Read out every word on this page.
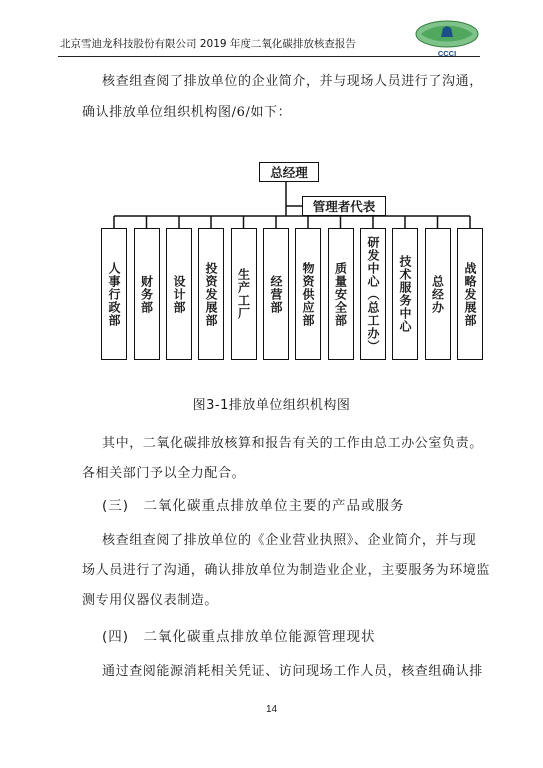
北京雪迪龙科技股份有限公司 2019 年度二氧化碳排放核查报告
CCCI
核查组查阅了排放单位的企业简介，并与现场人员进行了沟通，
确认排放单位组织机构图/6/如下：
总经理
管理者代表
人事行政部	财务部	设计部	投资发展部	生产工厂	经营部	物资供应部	质量安全部	研发中心（总工办）	技术服务中心	总经办	战略发展部
图3-1排放单位组织机构图
其中，二氧化碳排放核算和报告有关的工作由总工办公室负责。
各相关部门予以全力配合。
(三)　二氧化碳重点排放单位主要的产品或服务
核查组查阅了排放单位的《企业营业执照》、企业简介，并与现
场人员进行了沟通，确认排放单位为制造业企业，主要服务为环境监
测专用仪器仪表制造。
(四)　二氧化碳重点排放单位能源管理现状
通过查阅能源消耗相关凭证、访问现场工作人员，核查组确认排
14
